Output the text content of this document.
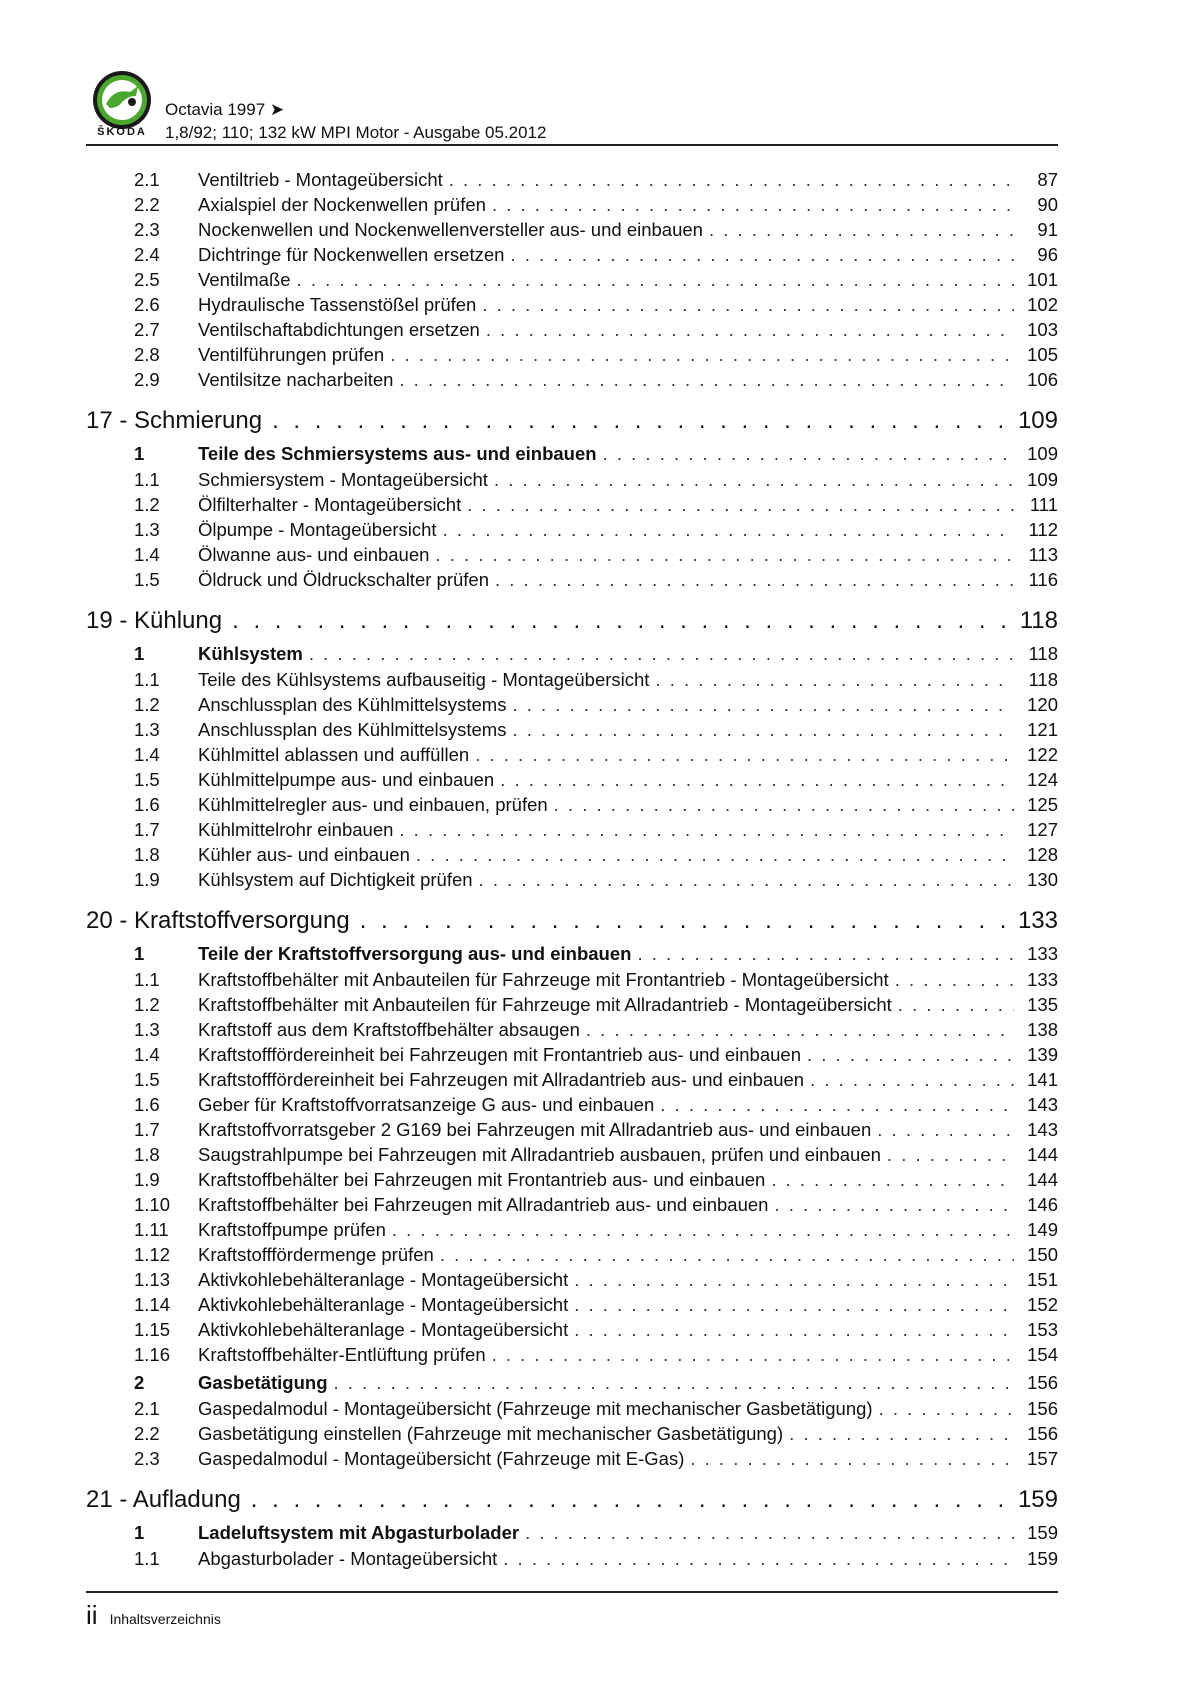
ŠKODA
Octavia 1997 ➤
1,8/92; 110; 132 kW MPI Motor - Ausgabe 05.2012
2.1	Ventiltrieb - Montageübersicht . . .	87
2.2	Axialspiel der Nockenwellen prüfen . . .	90
2.3	Nockenwellen und Nockenwellenversteller aus- und einbauen . . .	91
2.4	Dichtringe für Nockenwellen ersetzen . . .	96
2.5	Ventilmaße . . .	101
2.6	Hydraulische Tassenstößel prüfen . . .	102
2.7	Ventilschaftabdichtungen ersetzen . . .	103
2.8	Ventilführungen prüfen . . .	105
2.9	Ventilsitze nacharbeiten . . .	106
17 - Schmierung . . .	109
1	Teile des Schmiersystems aus- und einbauen . . .	109
1.1	Schmiersystem - Montageübersicht . . .	109
1.2	Ölfilterhalter - Montageübersicht . . .	111
1.3	Ölpumpe - Montageübersicht . . .	112
1.4	Ölwanne aus- und einbauen . . .	113
1.5	Öldruck und Öldruckschalter prüfen . . .	116
19 - Kühlung . . .	118
1	Kühlsystem . . .	118
1.1	Teile des Kühlsystems aufbauseitig - Montageübersicht . . .	118
1.2	Anschlussplan des Kühlmittelsystems . . .	120
1.3	Anschlussplan des Kühlmittelsystems . . .	121
1.4	Kühlmittel ablassen und auffüllen . . .	122
1.5	Kühlmittelpumpe aus- und einbauen . . .	124
1.6	Kühlmittelregler aus- und einbauen, prüfen . . .	125
1.7	Kühlmittelrohr einbauen . . .	127
1.8	Kühler aus- und einbauen . . .	128
1.9	Kühlsystem auf Dichtigkeit prüfen . . .	130
20 - Kraftstoffversorgung . . .	133
1	Teile der Kraftstoffversorgung aus- und einbauen . . .	133
1.1	Kraftstoffbehälter mit Anbauteilen für Fahrzeuge mit Frontantrieb - Montageübersicht . . .	133
1.2	Kraftstoffbehälter mit Anbauteilen für Fahrzeuge mit Allradantrieb - Montageübersicht . . .	135
1.3	Kraftstoff aus dem Kraftstoffbehälter absaugen . . .	138
1.4	Kraftstofffördereinheit bei Fahrzeugen mit Frontantrieb aus- und einbauen . . .	139
1.5	Kraftstofffördereinheit bei Fahrzeugen mit Allradantrieb aus- und einbauen . . .	141
1.6	Geber für Kraftstoffvorratsanzeige G aus- und einbauen . . .	143
1.7	Kraftstoffvorratsgeber 2 G169 bei Fahrzeugen mit Allradantrieb aus- und einbauen . . .	143
1.8	Saugstrahlpumpe bei Fahrzeugen mit Allradantrieb ausbauen, prüfen und einbauen . . .	144
1.9	Kraftstoffbehälter bei Fahrzeugen mit Frontantrieb aus- und einbauen . . .	144
1.10	Kraftstoffbehälter bei Fahrzeugen mit Allradantrieb aus- und einbauen . . .	146
1.11	Kraftstoffpumpe prüfen . . .	149
1.12	Kraftstofffördermenge prüfen . . .	150
1.13	Aktivkohlebehälteranlage - Montageübersicht . . .	151
1.14	Aktivkohlebehälteranlage - Montageübersicht . . .	152
1.15	Aktivkohlebehälteranlage - Montageübersicht . . .	153
1.16	Kraftstoffbehälter-Entlüftung prüfen . . .	154
2	Gasbetätigung . . .	156
2.1	Gaspedalmodul - Montageübersicht (Fahrzeuge mit mechanischer Gasbetätigung) . . .	156
2.2	Gasbetätigung einstellen (Fahrzeuge mit mechanischer Gasbetätigung) . . .	156
2.3	Gaspedalmodul - Montageübersicht (Fahrzeuge mit E-Gas) . . .	157
21 - Aufladung . . .	159
1	Ladeluftsystem mit Abgasturbolader . . .	159
1.1	Abgasturbolader - Montageübersicht . . .	159
ii Inhaltsverzeichnis
